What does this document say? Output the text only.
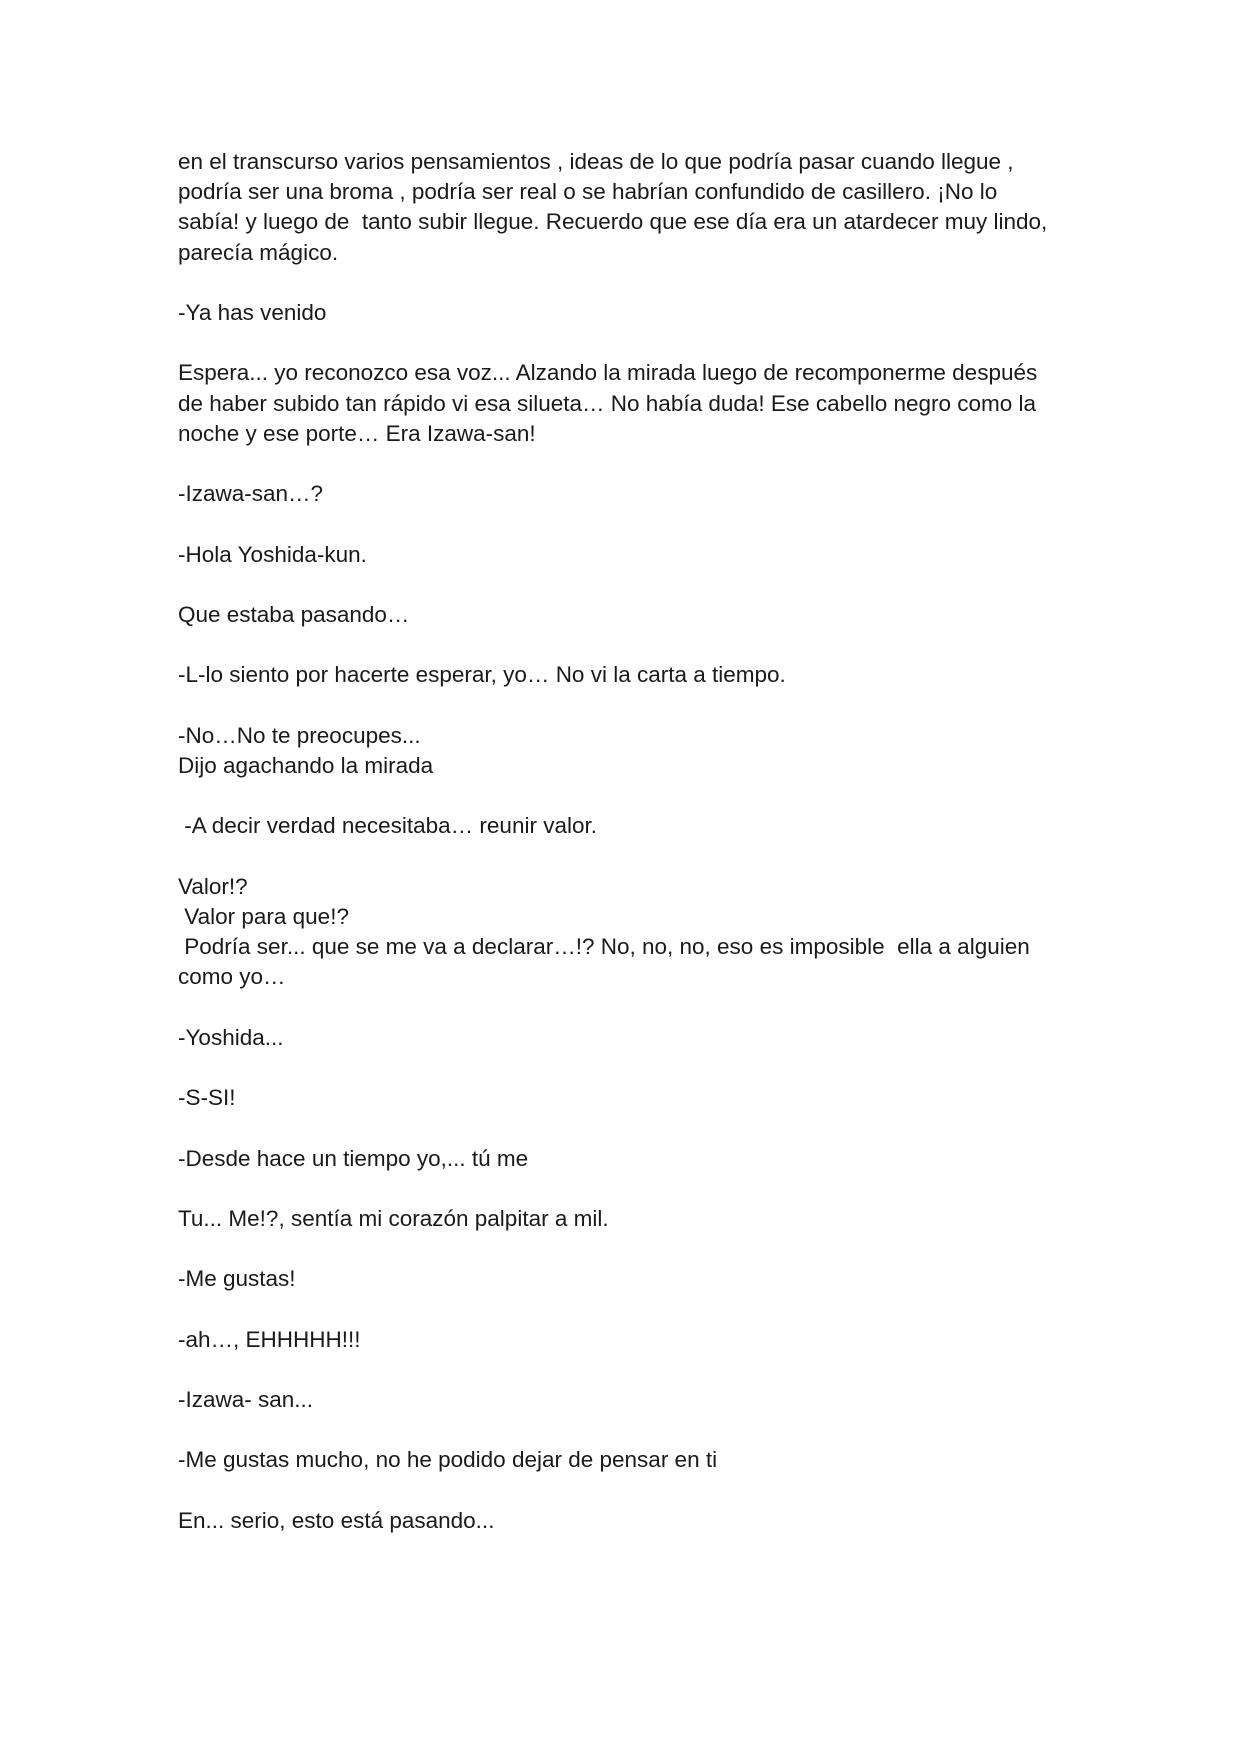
en el transcurso varios pensamientos , ideas de lo que podría pasar cuando llegue ,
podría ser una broma , podría ser real o se habrían confundido de casillero. ¡No lo
sabía! y luego de  tanto subir llegue. Recuerdo que ese día era un atardecer muy lindo,
parecía mágico.

-Ya has venido

Espera... yo reconozco esa voz... Alzando la mirada luego de recomponerme después
de haber subido tan rápido vi esa silueta… No había duda! Ese cabello negro como la
noche y ese porte… Era Izawa-san!

-Izawa-san…?

-Hola Yoshida-kun.

Que estaba pasando…

-L-lo siento por hacerte esperar, yo… No vi la carta a tiempo.

-No…No te preocupes...
Dijo agachando la mirada

-A decir verdad necesitaba… reunir valor.

Valor!?
Valor para que!?
Podría ser... que se me va a declarar…!? No, no, no, eso es imposible  ella a alguien
como yo…

-Yoshida...

-S-SI!

-Desde hace un tiempo yo,... tú me

Tu... Me!?, sentía mi corazón palpitar a mil.

-Me gustas!

-ah…, EHHHHH!!!

-Izawa- san...

-Me gustas mucho, no he podido dejar de pensar en ti

En... serio, esto está pasando...
